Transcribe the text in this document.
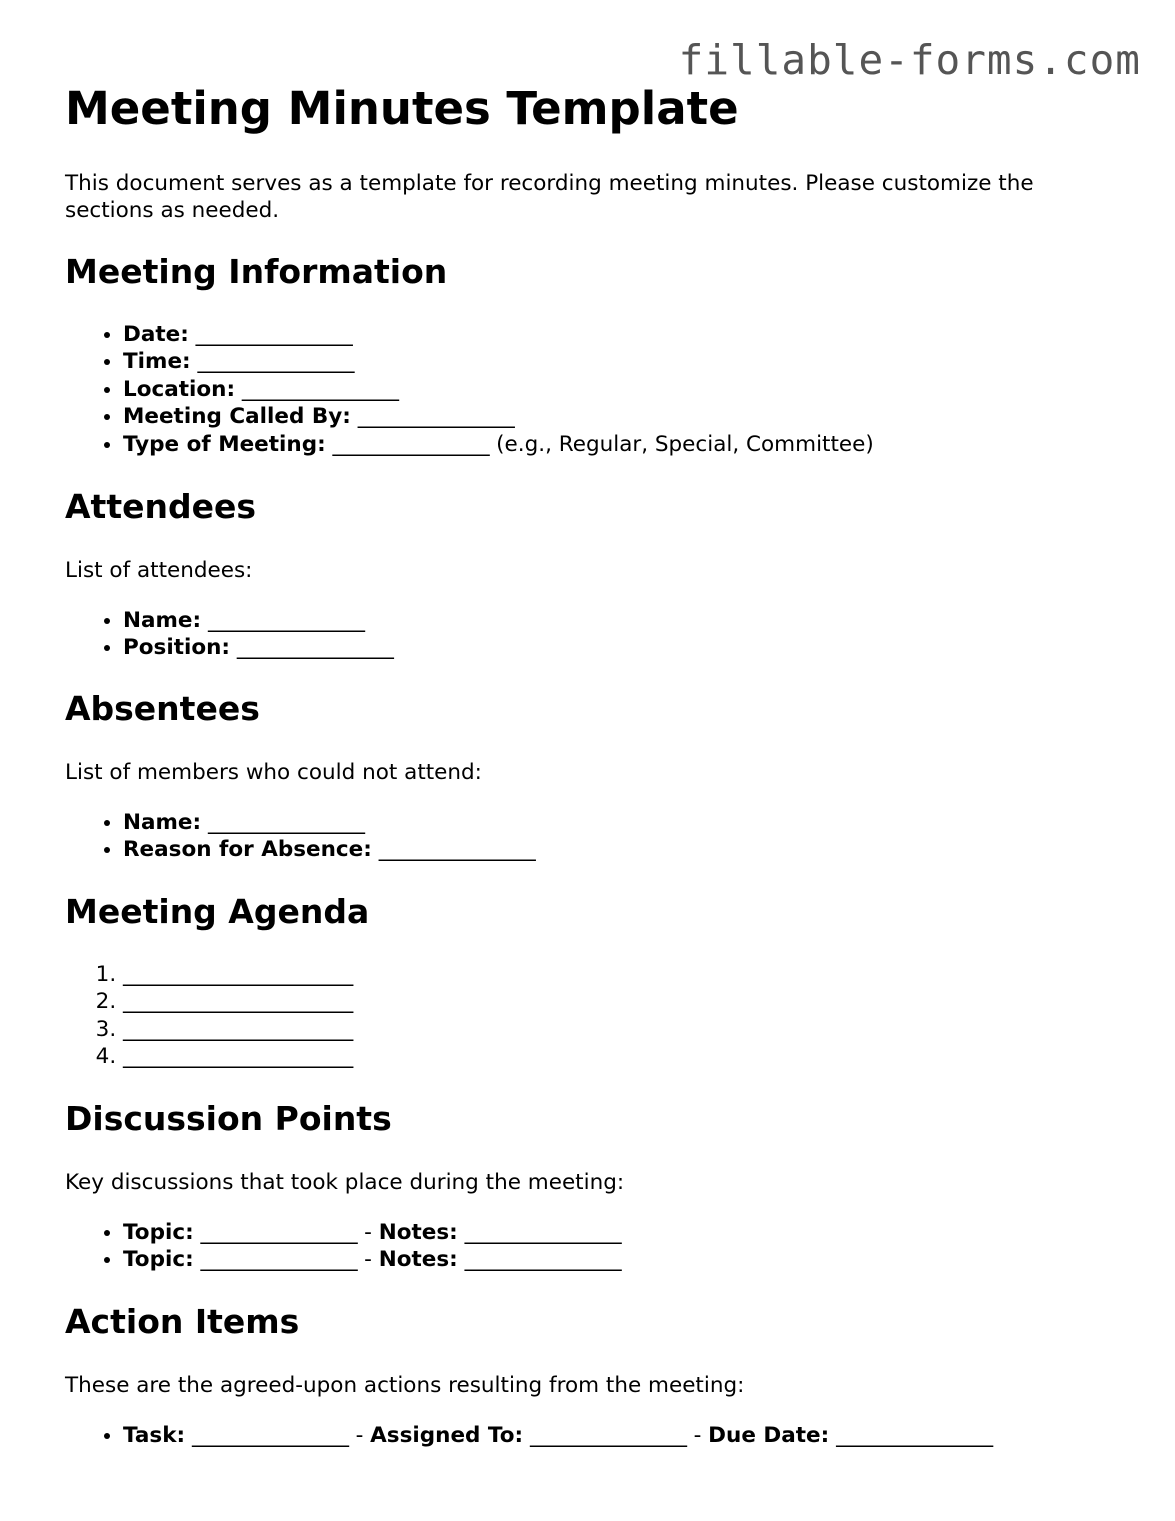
fillable-forms.com
Meeting Minutes Template

This document serves as a template for recording meeting minutes. Please customize the sections as needed.

Meeting Information
• Date: _______________
• Time: _______________
• Location: _______________
• Meeting Called By: _______________
• Type of Meeting: _______________ (e.g., Regular, Special, Committee)
Attendees

List of attendees:

• Name: _______________
• Position: _______________
Absentees

List of members who could not attend:

• Name: _______________
• Reason for Absence: _______________
Meeting Agenda
1. ______________________
2. ______________________
3. ______________________
4. ______________________
Discussion Points

Key discussions that took place during the meeting:

• Topic: _______________ - Notes: _______________
• Topic: _______________ - Notes: _______________
Action Items

These are the agreed-upon actions resulting from the meeting:

• Task: _______________ - Assigned To: _______________ - Due Date: _______________
